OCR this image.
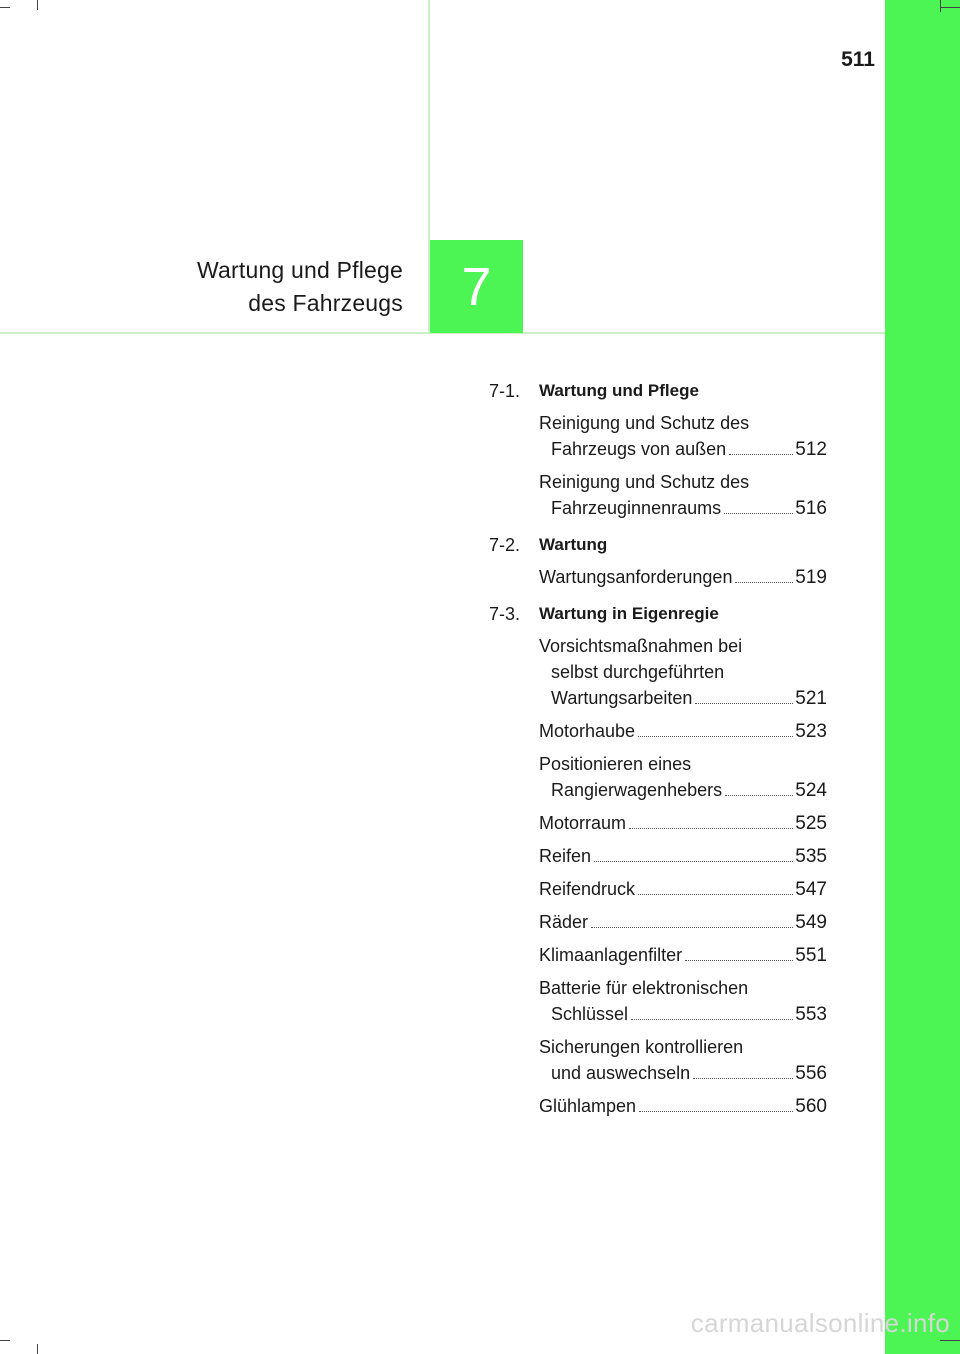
511
Wartung und Pflege
des Fahrzeugs	7
7-1.	Wartung und Pflege
Reinigung und Schutz des
Fahrzeugs von außen	512
Reinigung und Schutz des
Fahrzeuginnenraums	516
7-2.	Wartung
Wartungsanforderungen	519
7-3.	Wartung in Eigenregie
Vorsichtsmaßnahmen bei
selbst durchgeführten
Wartungsarbeiten	521
Motorhaube	523
Positionieren eines
Rangierwagenhebers	524
Motorraum	525
Reifen	535
Reifendruck	547
Räder	549
Klimaanlagenfilter	551
Batterie für elektronischen
Schlüssel	553
Sicherungen kontrollieren
und auswechseln	556
Glühlampen	560
carmanualsonline.info
